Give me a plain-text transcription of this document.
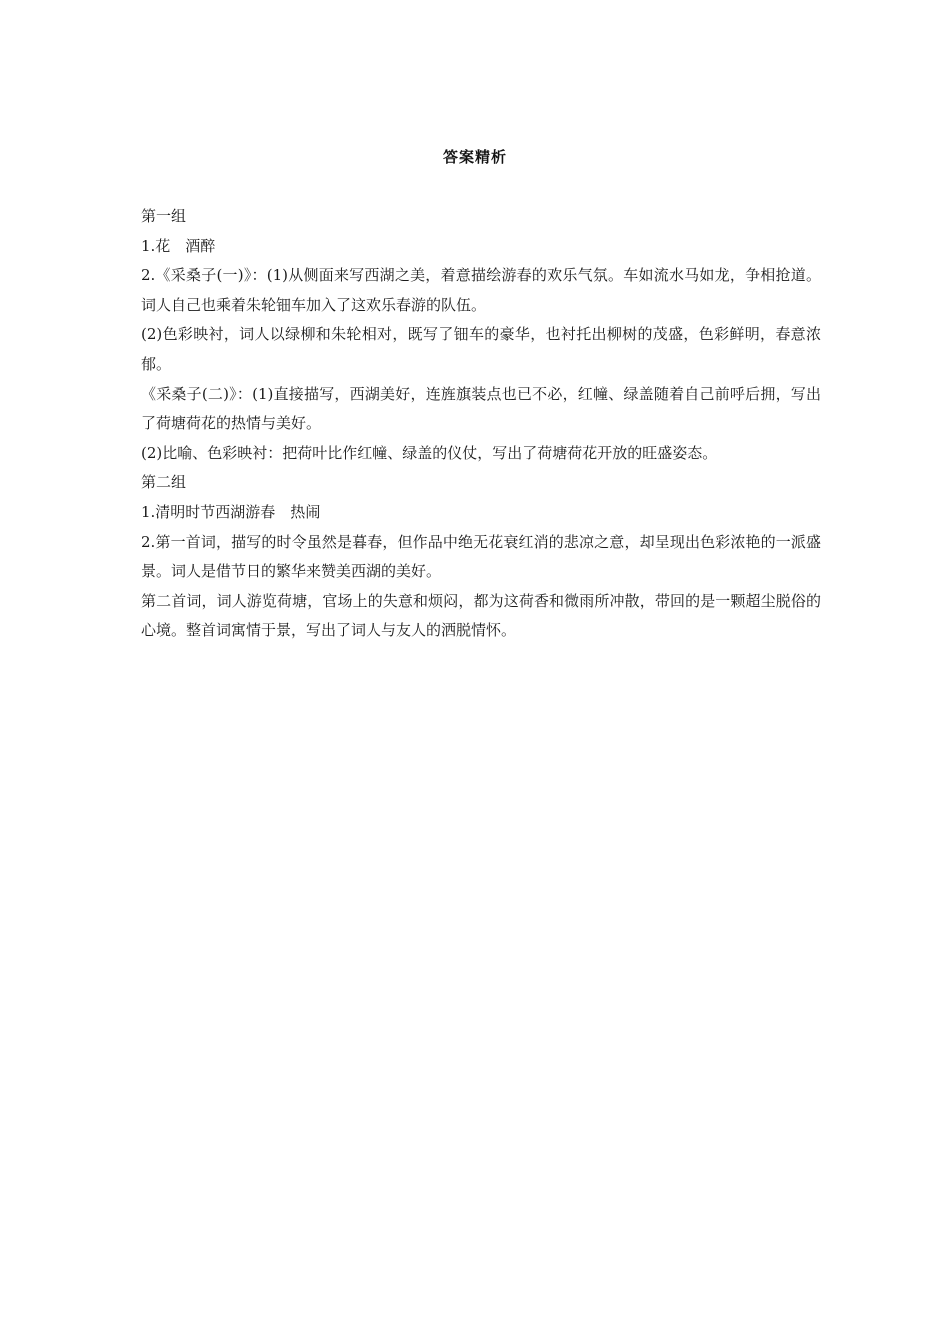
答案精析

第一组

1.花　酒醉

2.《采桑子(一)》：(1)从侧面来写西湖之美，着意描绘游春的欢乐气氛。车如流水马如龙，争相抢道。词人自己也乘着朱轮钿车加入了这欢乐春游的队伍。

(2)色彩映衬，词人以绿柳和朱轮相对，既写了钿车的豪华，也衬托出柳树的茂盛，色彩鲜明，春意浓郁。

《采桑子(二)》：(1)直接描写，西湖美好，连旌旗装点也已不必，红幢、绿盖随着自己前呼后拥，写出了荷塘荷花的热情与美好。

(2)比喻、色彩映衬：把荷叶比作红幢、绿盖的仪仗，写出了荷塘荷花开放的旺盛姿态。

第二组

1.清明时节西湖游春　热闹

2.第一首词，描写的时令虽然是暮春，但作品中绝无花衰红消的悲凉之意，却呈现出色彩浓艳的一派盛景。词人是借节日的繁华来赞美西湖的美好。

第二首词，词人游览荷塘，官场上的失意和烦闷，都为这荷香和微雨所冲散，带回的是一颗超尘脱俗的心境。整首词寓情于景，写出了词人与友人的洒脱情怀。
